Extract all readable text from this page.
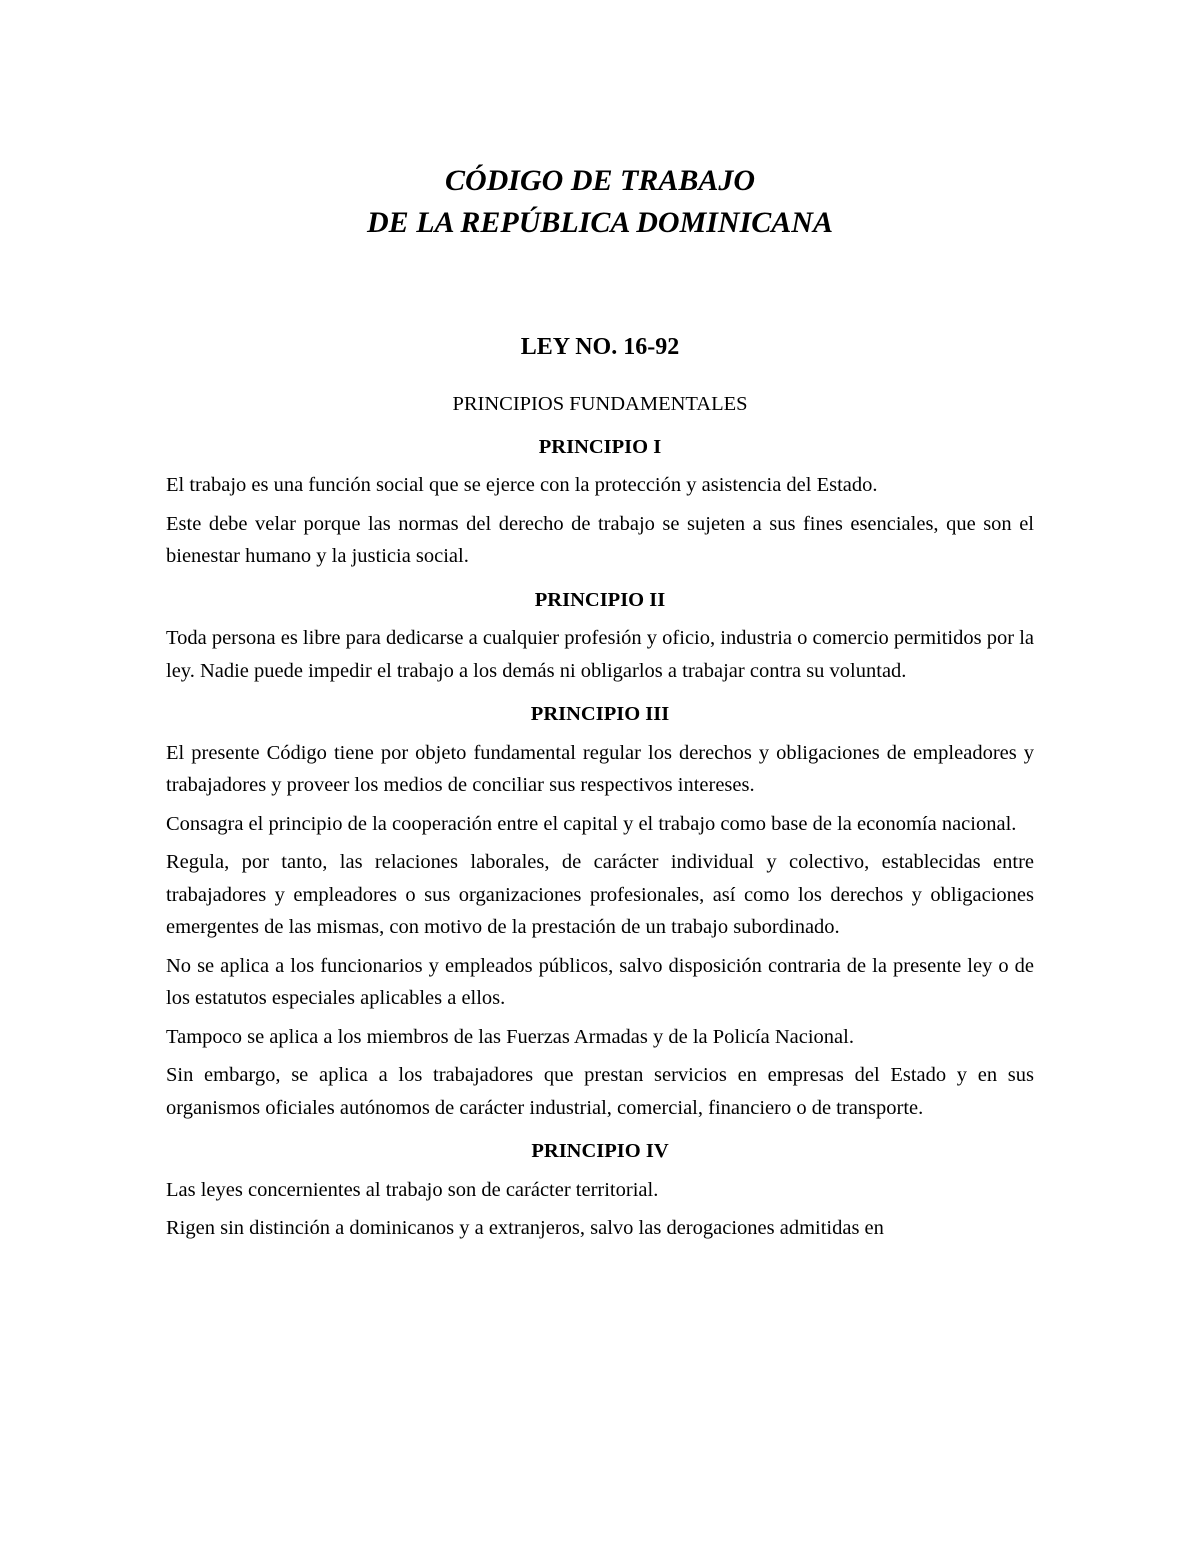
CÓDIGO DE TRABAJO
DE LA REPÚBLICA DOMINICANA

LEY NO. 16-92

PRINCIPIOS FUNDAMENTALES

PRINCIPIO I

El trabajo es una función social que se ejerce con la protección y asistencia del Estado.

Este debe velar porque las normas del derecho de trabajo se sujeten a sus fines esenciales, que son el bienestar humano y la justicia social.

PRINCIPIO II

Toda persona es libre para dedicarse a cualquier profesión y oficio, industria o comercio permitidos por la ley. Nadie puede impedir el trabajo a los demás ni obligarlos a trabajar contra su voluntad.

PRINCIPIO III

El presente Código tiene por objeto fundamental regular los derechos y obligaciones de empleadores y trabajadores y proveer los medios de conciliar sus respectivos intereses.

Consagra el principio de la cooperación entre el capital y el trabajo como base de la economía nacional.

Regula, por tanto, las relaciones laborales, de carácter individual y colectivo, establecidas entre trabajadores y empleadores o sus organizaciones profesionales, así como los derechos y obligaciones emergentes de las mismas, con motivo de la prestación de un trabajo subordinado.

No se aplica a los funcionarios y empleados públicos, salvo disposición contraria de la presente ley o de los estatutos especiales aplicables a ellos.

Tampoco se aplica a los miembros de las Fuerzas Armadas y de la Policía Nacional.

Sin embargo, se aplica a los trabajadores que prestan servicios en empresas del Estado y en sus organismos oficiales autónomos de carácter industrial, comercial, financiero o de transporte.

PRINCIPIO IV

Las leyes concernientes al trabajo son de carácter territorial.

Rigen sin distinción a dominicanos y a extranjeros, salvo las derogaciones admitidas en
